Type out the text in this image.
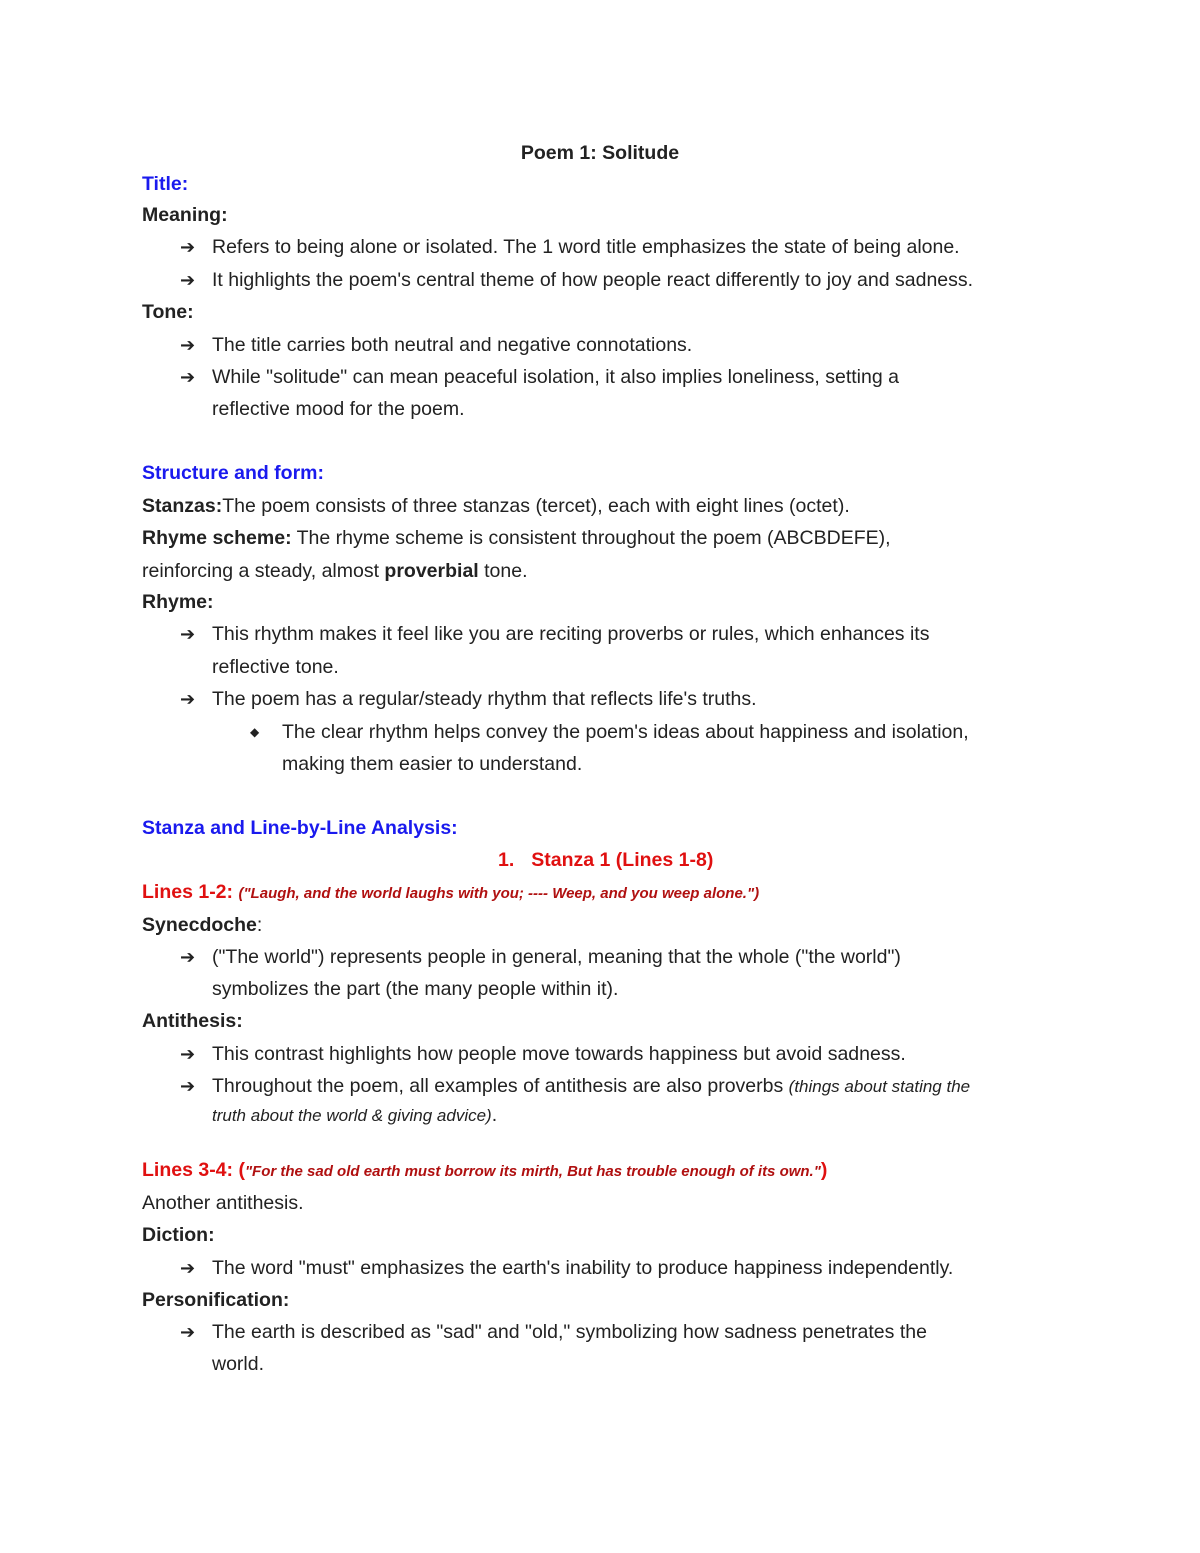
Poem 1: Solitude
Title:
Meaning:
➔ Refers to being alone or isolated. The 1 word title emphasizes the state of being alone.
➔ It highlights the poem's central theme of how people react differently to joy and sadness.
Tone:
➔ The title carries both neutral and negative connotations.
➔ While "solitude" can mean peaceful isolation, it also implies loneliness, setting a
reflective mood for the poem.
Structure and form:
Stanzas:The poem consists of three stanzas (tercet), each with eight lines (octet).
Rhyme scheme: The rhyme scheme is consistent throughout the poem (ABCBDEFE),
reinforcing a steady, almost proverbial tone.
Rhyme:
➔ This rhythm makes it feel like you are reciting proverbs or rules, which enhances its
reflective tone.
➔ The poem has a regular/steady rhythm that reflects life's truths.
◆ The clear rhythm helps convey the poem's ideas about happiness and isolation,
making them easier to understand.
Stanza and Line-by-Line Analysis:
1. Stanza 1 (Lines 1-8)
Lines 1-2: ("Laugh, and the world laughs with you; ---- Weep, and you weep alone.")
Synecdoche:
➔ ("The world") represents people in general, meaning that the whole ("the world")
symbolizes the part (the many people within it).
Antithesis:
➔ This contrast highlights how people move towards happiness but avoid sadness.
➔ Throughout the poem, all examples of antithesis are also proverbs (things about stating the
truth about the world & giving advice).
Lines 3-4: ("For the sad old earth must borrow its mirth, But has trouble enough of its own.")
Another antithesis.
Diction:
➔ The word "must" emphasizes the earth's inability to produce happiness independently.
Personification:
➔ The earth is described as "sad" and "old," symbolizing how sadness penetrates the
world.
